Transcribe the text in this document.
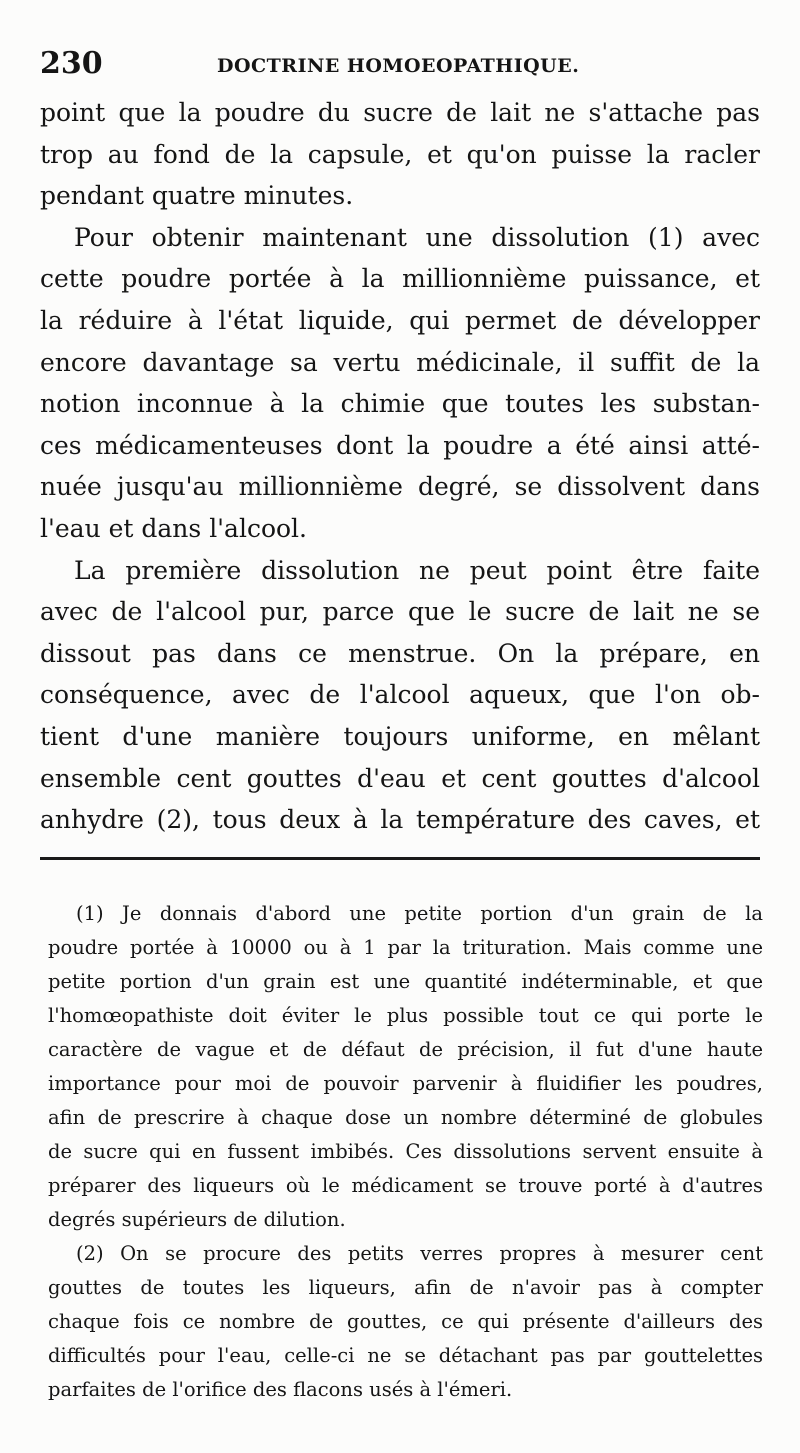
230	DOCTRINE HOMOEOPATHIQUE.
point que la poudre du sucre de lait ne s'attache pas
trop au fond de la capsule, et qu'on puisse la racler
pendant quatre minutes.
Pour obtenir maintenant une dissolution (1) avec
cette poudre portée à la millionnième puissance, et
la réduire à l'état liquide, qui permet de développer
encore davantage sa vertu médicinale, il suffit de la
notion inconnue à la chimie que toutes les substan-
ces médicamenteuses dont la poudre a été ainsi atté-
nuée jusqu'au millionnième degré, se dissolvent dans
l'eau et dans l'alcool.
La première dissolution ne peut point être faite
avec de l'alcool pur, parce que le sucre de lait ne se
dissout pas dans ce menstrue. On la prépare, en
conséquence, avec de l'alcool aqueux, que l'on ob-
tient d'une manière toujours uniforme, en mêlant
ensemble cent gouttes d'eau et cent gouttes d'alcool
anhydre (2), tous deux à la température des caves, et
(1) Je donnais d'abord une petite portion d'un grain de la
poudre portée à 10000 ou à 1 par la trituration. Mais comme une
petite portion d'un grain est une quantité indéterminable, et que
l'homœopathiste doit éviter le plus possible tout ce qui porte le
caractère de vague et de défaut de précision, il fut d'une haute
importance pour moi de pouvoir parvenir à fluidifier les poudres,
afin de prescrire à chaque dose un nombre déterminé de globules
de sucre qui en fussent imbibés. Ces dissolutions servent ensuite à
préparer des liqueurs où le médicament se trouve porté à d'autres
degrés supérieurs de dilution.
(2) On se procure des petits verres propres à mesurer cent
gouttes de toutes les liqueurs, afin de n'avoir pas à compter
chaque fois ce nombre de gouttes, ce qui présente d'ailleurs des
difficultés pour l'eau, celle-ci ne se détachant pas par gouttelettes
parfaites de l'orifice des flacons usés à l'émeri.
